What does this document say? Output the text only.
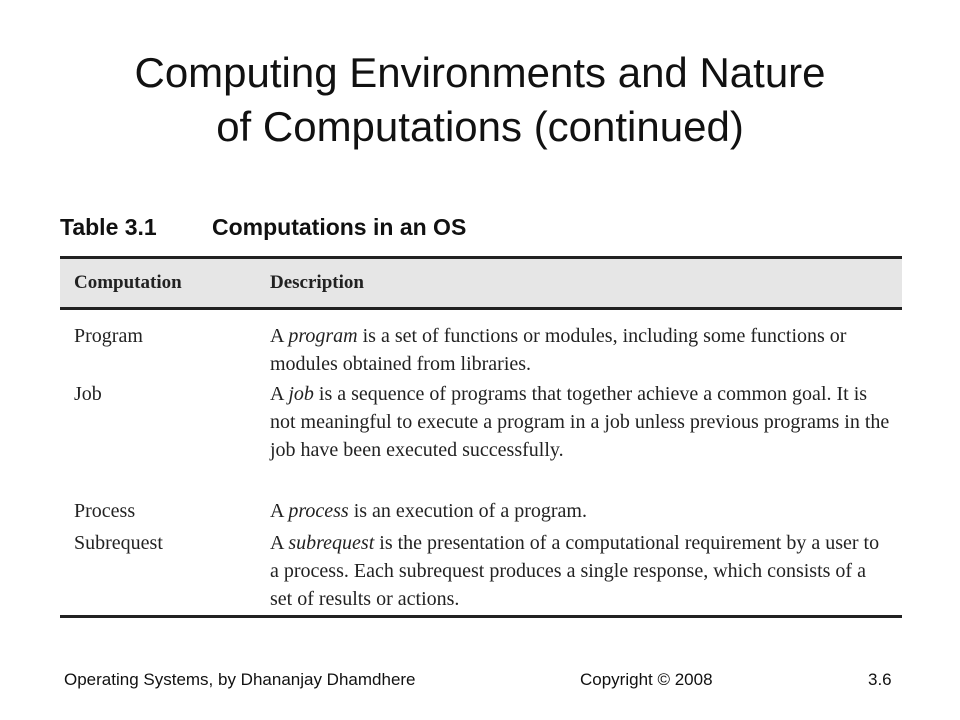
Computing Environments and Nature
of Computations (continued)
Table 3.1 Computations in an OS
Computation	Description
Program	A program is a set of functions or modules, including some functions or modules obtained from libraries.
Job	A job is a sequence of programs that together achieve a common goal. It is not meaningful to execute a program in a job unless previous programs in the job have been executed successfully.
Process	A process is an execution of a program.
Subrequest	A subrequest is the presentation of a computational requirement by a user to a process. Each subrequest produces a single response, which consists of a set of results or actions.
Operating Systems, by Dhananjay Dhamdhere	Copyright © 2008	3.6
